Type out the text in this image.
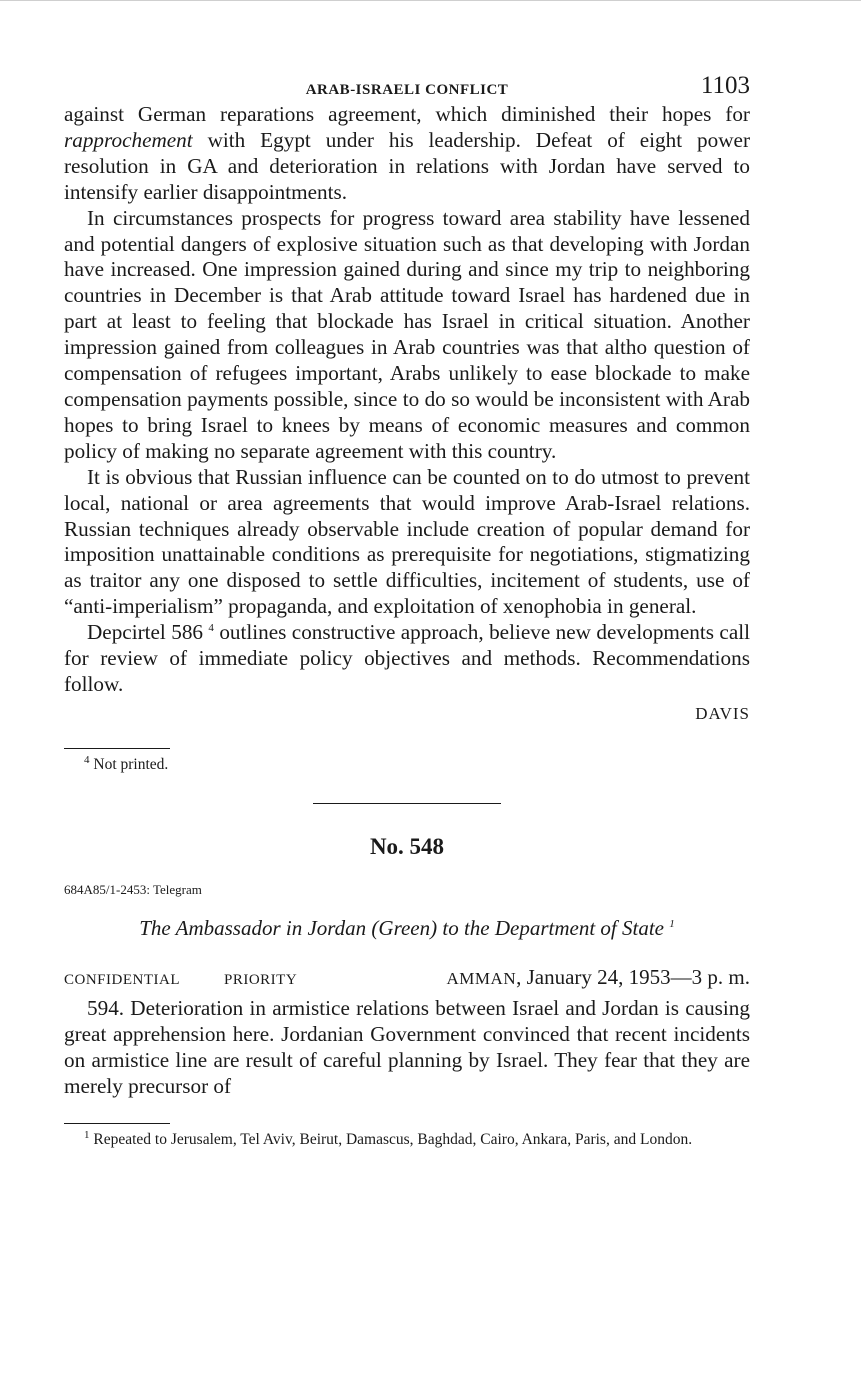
ARAB-ISRAELI CONFLICT	1103

against German reparations agreement, which diminished their hopes for rapprochement with Egypt under his leadership. Defeat of eight power resolution in GA and deterioration in relations with Jordan have served to intensify earlier disappointments.

In circumstances prospects for progress toward area stability have lessened and potential dangers of explosive situation such as that developing with Jordan have increased. One impression gained during and since my trip to neighboring countries in December is that Arab attitude toward Israel has hardened due in part at least to feeling that blockade has Israel in critical situation. Another impression gained from colleagues in Arab countries was that altho question of compensation of refugees important, Arabs unlikely to ease blockade to make compensation payments possible, since to do so would be inconsistent with Arab hopes to bring Israel to knees by means of economic measures and common policy of making no separate agreement with this country.

It is obvious that Russian influence can be counted on to do utmost to prevent local, national or area agreements that would improve Arab-Israel relations. Russian techniques already observable include creation of popular demand for imposition unattainable conditions as prerequisite for negotiations, stigmatizing as traitor any one disposed to settle difficulties, incitement of students, use of “anti-imperialism” propaganda, and exploitation of xenophobia in general.

Depcirtel 586 $^4$ outlines constructive approach, believe new developments call for review of immediate policy objectives and methods. Recommendations follow.

DAVIS
$^4$ Not printed.
No. 548
684A85/1-2453: Telegram
The Ambassador in Jordan (Green) to the Department of State $^1$
CONFIDENTIAL	PRIORITY	AMMAN, January 24, 1953—3 p. m.

594. Deterioration in armistice relations between Israel and Jordan is causing great apprehension here. Jordanian Government convinced that recent incidents on armistice line are result of careful planning by Israel. They fear that they are merely precursor of

$^1$ Repeated to Jerusalem, Tel Aviv, Beirut, Damascus, Baghdad, Cairo, Ankara, Paris, and London.
